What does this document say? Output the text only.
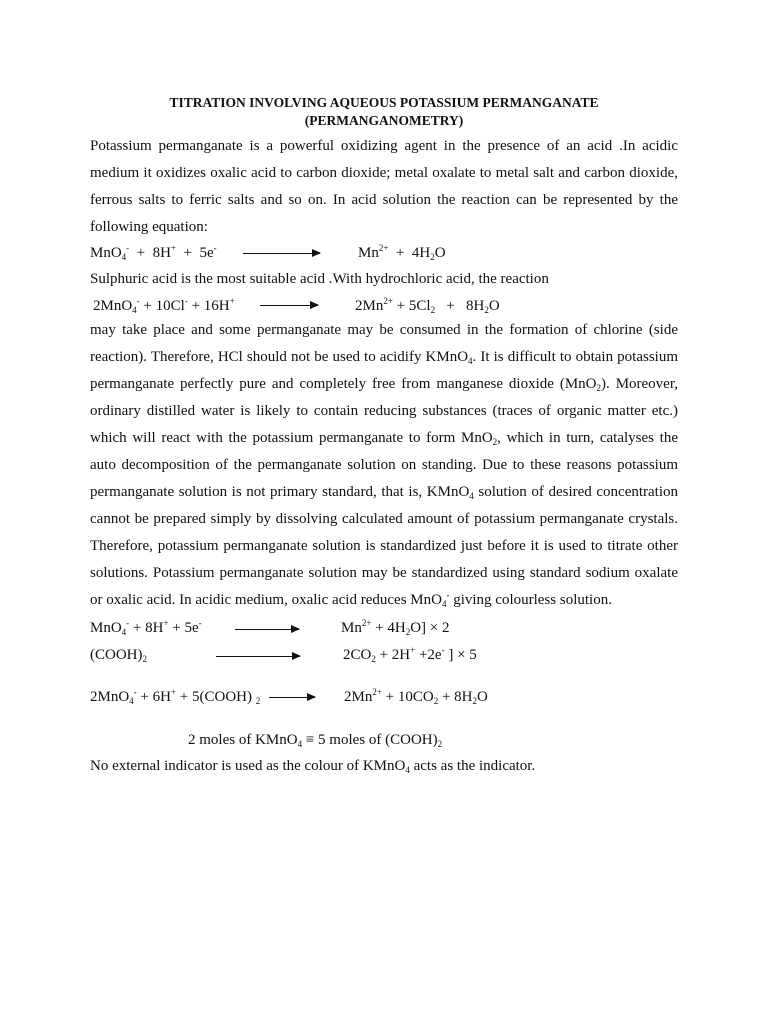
TITRATION INVOLVING AQUEOUS POTASSIUM PERMANGANATE
(PERMANGANOMETRY)
Potassium permanganate is a powerful oxidizing agent in the presence of an acid .In acidic
medium it oxidizes oxalic acid to carbon dioxide; metal oxalate to metal salt and carbon dioxide,
ferrous salts to ferric salts and so on. In acid solution the reaction can be represented by the
following equation:
MnO$_4$-  +  8H+  +  5e-	$Mn^{2+} + 4H_2O$
Sulphuric acid is the most suitable acid .With hydrochloric acid, the reaction
2MnO$_4$- + 10Cl- + 16H+	$2Mn^{2+} + 5Cl_2 + 8H_2O$
may take place and some permanganate may be consumed in the formation of chlorine (side
reaction). Therefore, HCl should not be used to acidify KMnO$_4$. It is difficult to obtain potassium
permanganate perfectly pure and completely free from manganese dioxide (MnO$_2$). Moreover,
ordinary distilled water is likely to contain reducing substances (traces of organic matter etc.)
which will react with the potassium permanganate to form MnO$_2$, which in turn, catalyses the
auto decomposition of the permanganate solution on standing. Due to these reasons potassium
permanganate solution is not primary standard, that is, KMnO$_4$ solution of desired concentration
cannot be prepared simply by dissolving calculated amount of potassium permanganate crystals.
Therefore, potassium permanganate solution is standardized just before it is used to titrate other
solutions. Potassium permanganate solution may be standardized using standard sodium oxalate
or oxalic acid. In acidic medium, oxalic acid reduces MnO$_4$- giving colourless solution.
MnO$_4$- + 8H+ + 5e-	$Mn^{2+} + 4H_2O] \times 2$
$(COOH)_2$	$2CO_2 + 2H^+ +2e^-$ ] × 5
2MnO$_4$- + 6H+ + 5(COOH) $_2 \to 2Mn^{2+} + 10CO_2 + 8H_2O$
2 moles of KMnO$_4$ ≡ 5 moles of $(COOH)_2$
No external indicator is used as the colour of KMnO$_4$ acts as the indicator.
